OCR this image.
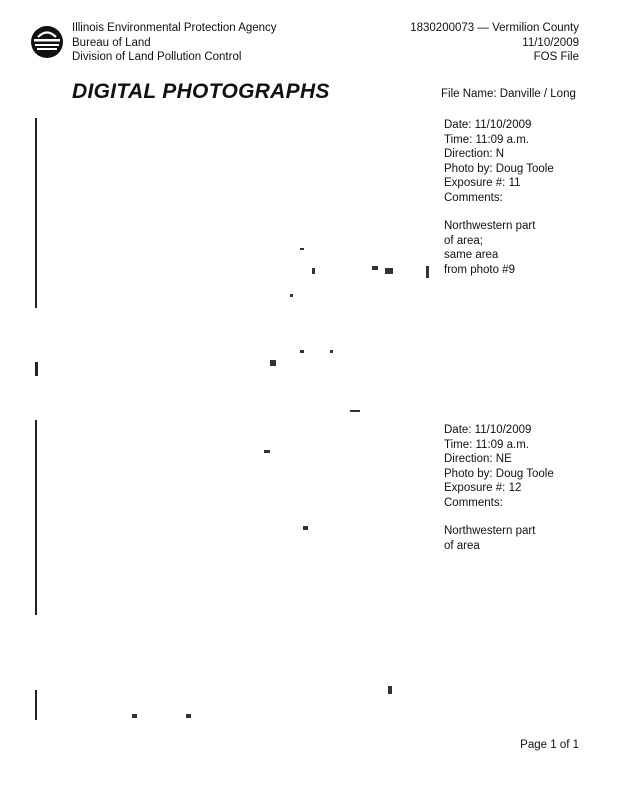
Illinois Environmental Protection Agency
Bureau of Land
Division of Land Pollution Control
1830200073 — Vermilion County
11/10/2009
FOS File
DIGITAL PHOTOGRAPHS	File Name: Danville / Long
Date: 11/10/2009
Time: 11:09 a.m.
Direction: N
Photo by: Doug Toole
Exposure #: 11
Comments:
Northwestern part
of area;
same area
from photo #9
Date: 11/10/2009
Time: 11:09 a.m.
Direction: NE
Photo by: Doug Toole
Exposure #: 12
Comments:
Northwestern part
of area
Page 1 of 1
